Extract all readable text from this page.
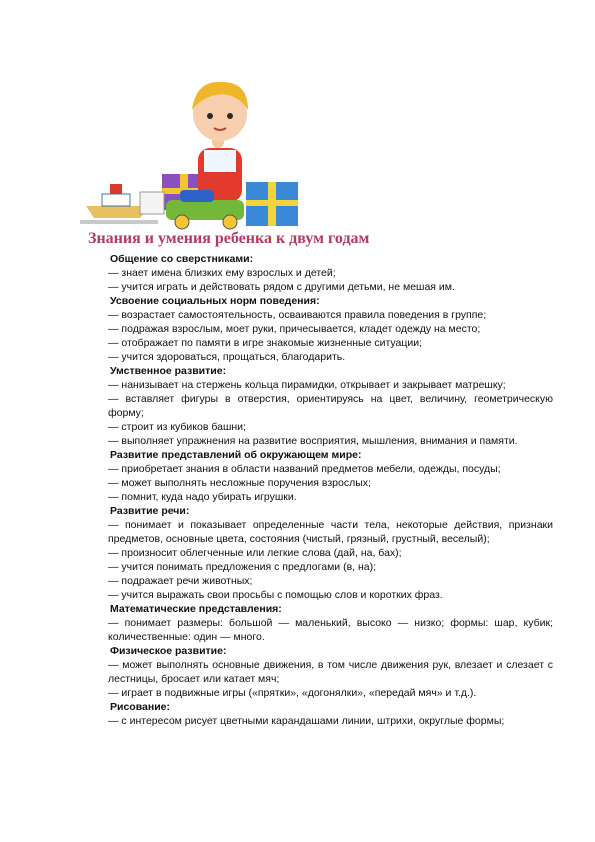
Знания и умения ребенка к двум годам

Общение со сверстниками:

— знает имена близких ему взрослых и детей;

— учится играть и действовать рядом с другими детьми, не мешая им.

Усвоение социальных норм поведения:

— возрастает самостоятельность, осваиваются правила поведения в группе;

— подражая взрослым, моет руки, причесывается, кладет одежду на место;

— отображает по памяти в игре знакомые жизненные ситуации;

— учится здороваться, прощаться, благодарить.

Умственное развитие:

— нанизывает на стержень кольца пирамидки, открывает и закрывает матрешку;

— вставляет фигуры в отверстия, ориентируясь на цвет, величину, геометрическую форму;

— строит из кубиков башни;

— выполняет упражнения на развитие восприятия, мышления, внимания и памяти.

Развитие представлений об окружающем мире:

— приобретает знания в области названий предметов мебели, одежды, посуды;

— может выполнять несложные поручения взрослых;

— помнит, куда надо убирать игрушки.

Развитие речи:

— понимает и показывает определенные части тела, некоторые действия, признаки предметов, основные цвета, состояния (чистый, грязный, грустный, веселый);

— произносит облегченные или легкие слова (дай, на, бах);

— учится понимать предложения с предлогами (в, на);

— подражает речи животных;

— учится выражать свои просьбы с помощью слов и коротких фраз.

Математические представления:

— понимает размеры: большой — маленький, высоко — низко; формы: шар, кубик; количественные: один — много.

Физическое развитие:

— может выполнять основные движения, в том числе движения рук, влезает и слезает с лестницы, бросает или катает мяч;

— играет в подвижные игры («прятки», «догонялки», «передай мяч» и т.д.).

Рисование:

— с интересом рисует цветными карандашами линии, штрихи, округлые формы;
